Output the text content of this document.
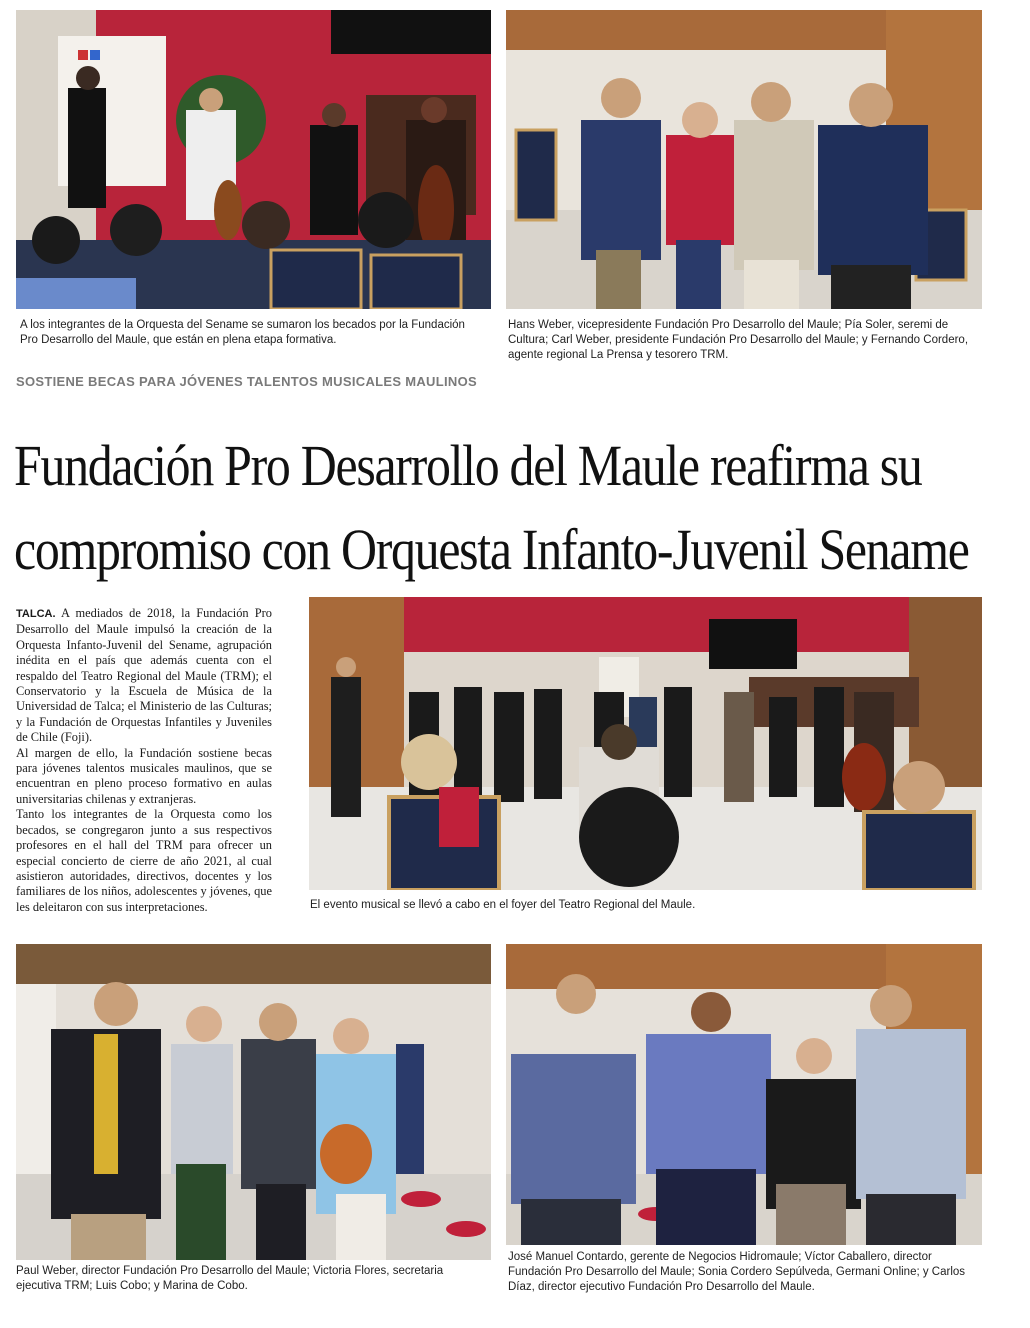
A los integrantes de la Orquesta del Sename se sumaron los becados por la Fundación Pro Desarrollo del Maule, que están en plena etapa formativa.
Hans Weber, vicepresidente Fundación Pro Desarrollo del Maule; Pía Soler, seremi de Cultura; Carl Weber, presidente Fundación Pro Desarrollo del Maule; y Fernando Cordero, agente regional La Prensa y tesorero TRM.
SOSTIENE BECAS PARA JÓVENES TALENTOS MUSICALES MAULINOS
Fundación Pro Desarrollo del Maule reafirma su
compromiso con Orquesta Infanto-Juvenil Sename

TALCA. A mediados de 2018, la Fundación Pro Desarrollo del Maule impulsó la creación de la Orquesta Infanto-Juvenil del Sename, agrupación inédita en el país que además cuenta con el respaldo del Teatro Regional del Maule (TRM); el Conservatorio y la Escuela de Música de la Universidad de Talca; el Ministerio de las Culturas; y la Fundación de Orquestas Infantiles y Juveniles de Chile (Foji).

Al margen de ello, la Fundación sostiene becas para jóvenes talentos musicales maulinos, que se encuentran en pleno proceso formativo en aulas universitarias chilenas y extranjeras.

Tanto los integrantes de la Orquesta como los becados, se congregaron junto a sus respectivos profesores en el hall del TRM para ofrecer un especial concierto de cierre de año 2021, al cual asistieron autoridades, directivos, docentes y los familiares de los niños, adolescentes y jóvenes, que les deleitaron con sus interpretaciones.	El evento musical se llevó a cabo en el foyer del Teatro Regional del Maule.
Paul Weber, director Fundación Pro Desarrollo del Maule; Victoria Flores, secretaria ejecutiva TRM; Luis Cobo; y Marina de Cobo.
José Manuel Contardo, gerente de Negocios Hidromaule; Víctor Caballero, director Fundación Pro Desarrollo del Maule; Sonia Cordero Sepúlveda, Germani Online; y Carlos Díaz, director ejecutivo Fundación Pro Desarrollo del Maule.
